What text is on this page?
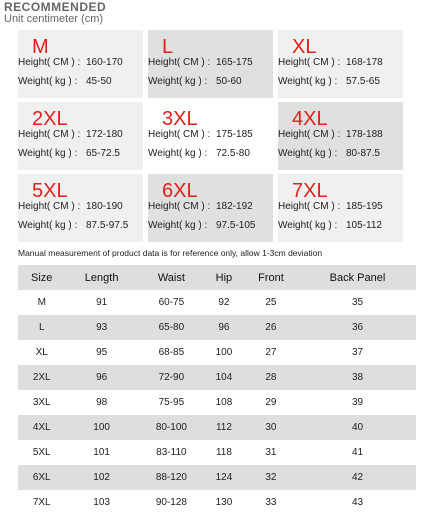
RECOMMENDED
Unit centimeter (cm)
M
Height( CM ) : 160-170
Weight( kg ) : 45-50
L
Height( CM ) : 165-175
Weight( kg ) : 50-60
XL
Height( CM ) : 168-178
Weight( kg ) : 57.5-65
2XL
Height( CM ) : 172-180
Weight( kg ) : 65-72.5
3XL
Height( CM ) : 175-185
Weight( kg ) : 72.5-80
4XL
Height( CM ) : 178-188
Weight( kg ) : 80-87.5
5XL
Height( CM ) : 180-190
Weight( kg ) : 87.5-97.5
6XL
Height( CM ) : 182-192
Weight( kg ) : 97.5-105
7XL
Height( CM ) : 185-195
Weight( kg ) : 105-112
Manual measurement of product data is for reference only, allow 1-3cm deviation
Size	Length	Waist	Hip	Front	Back Panel
M	91	60-75	92	25	35
L	93	65-80	96	26	36
XL	95	68-85	100	27	37
2XL	96	72-90	104	28	38
3XL	98	75-95	108	29	39
4XL	100	80-100	112	30	40
5XL	101	83-110	118	31	41
6XL	102	88-120	124	32	42
7XL	103	90-128	130	33	43
